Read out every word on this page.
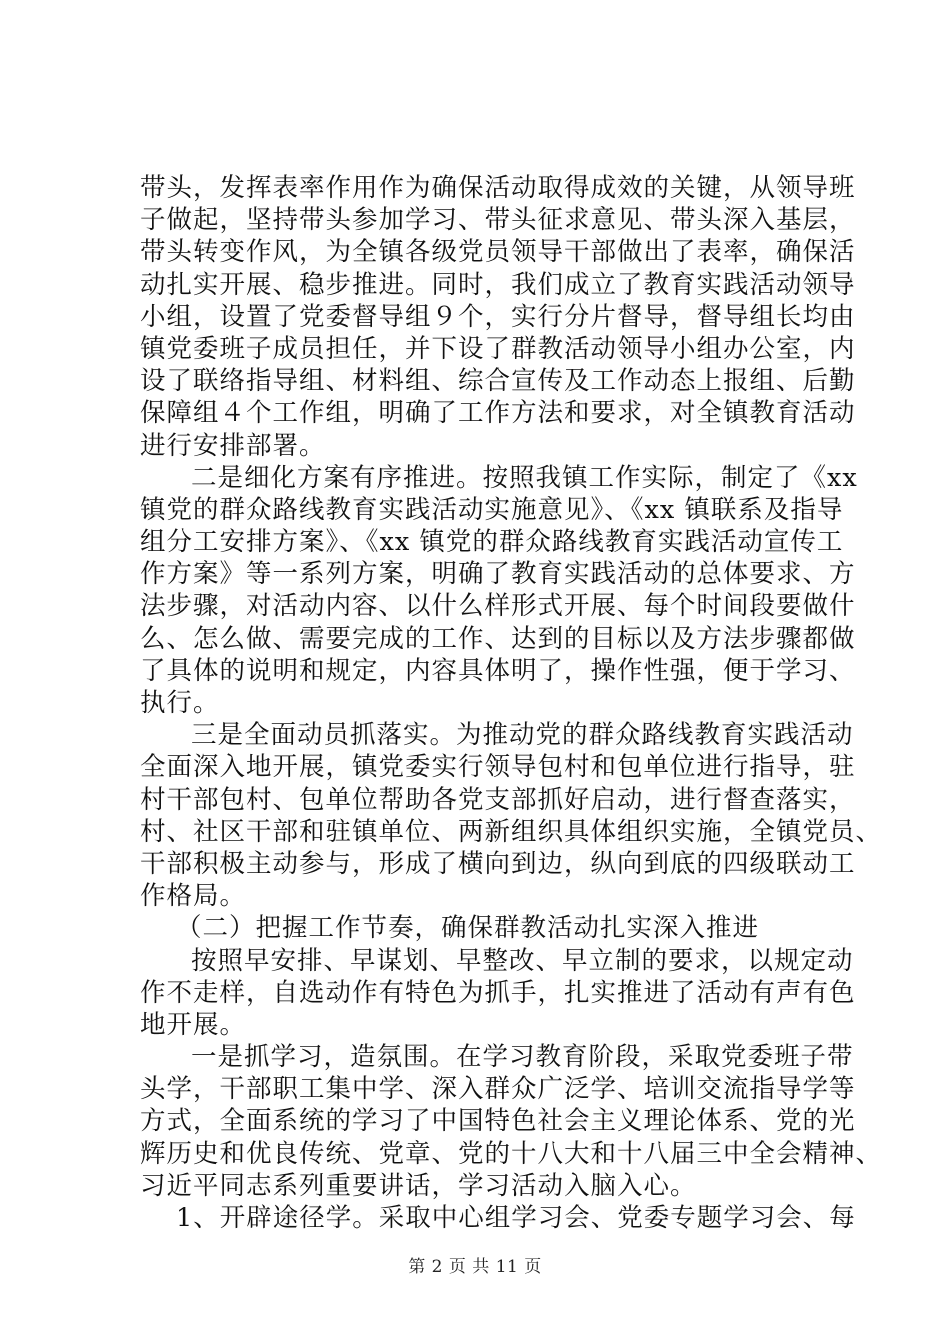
带头，发挥表率作用作为确保活动取得成效的关键，从领导班
子做起，坚持带头参加学习、带头征求意见、带头深入基层，
带头转变作风，为全镇各级党员领导干部做出了表率，确保活
动扎实开展、稳步推进。同时，我们成立了教育实践活动领导
小组，设置了党委督导组９个，实行分片督导，督导组长均由
镇党委班子成员担任，并下设了群教活动领导小组办公室，内
设了联络指导组、材料组、综合宣传及工作动态上报组、后勤
保障组４个工作组，明确了工作方法和要求，对全镇教育活动
进行安排部署。
二是细化方案有序推进。按照我镇工作实际，制定了《xx
镇党的群众路线教育实践活动实施意见》、《xx 镇联系及指导
组分工安排方案》、《xx 镇党的群众路线教育实践活动宣传工
作方案》等一系列方案，明确了教育实践活动的总体要求、方
法步骤，对活动内容、以什么样形式开展、每个时间段要做什
么、怎么做、需要完成的工作、达到的目标以及方法步骤都做
了具体的说明和规定，内容具体明了，操作性强，便于学习、
执行。
三是全面动员抓落实。为推动党的群众路线教育实践活动
全面深入地开展，镇党委实行领导包村和包单位进行指导，驻
村干部包村、包单位帮助各党支部抓好启动，进行督查落实，
村、社区干部和驻镇单位、两新组织具体组织实施，全镇党员、
干部积极主动参与，形成了横向到边，纵向到底的四级联动工
作格局。
（二）把握工作节奏，确保群教活动扎实深入推进
按照早安排、早谋划、早整改、早立制的要求，以规定动
作不走样，自选动作有特色为抓手，扎实推进了活动有声有色
地开展。
一是抓学习，造氛围。在学习教育阶段，采取党委班子带
头学，干部职工集中学、深入群众广泛学、培训交流指导学等
方式，全面系统的学习了中国特色社会主义理论体系、党的光
辉历史和优良传统、党章、党的十八大和十八届三中全会精神、
习近平同志系列重要讲话，学习活动入脑入心。
1、开辟途径学。采取中心组学习会、党委专题学习会、每
第 2 页 共 11 页
